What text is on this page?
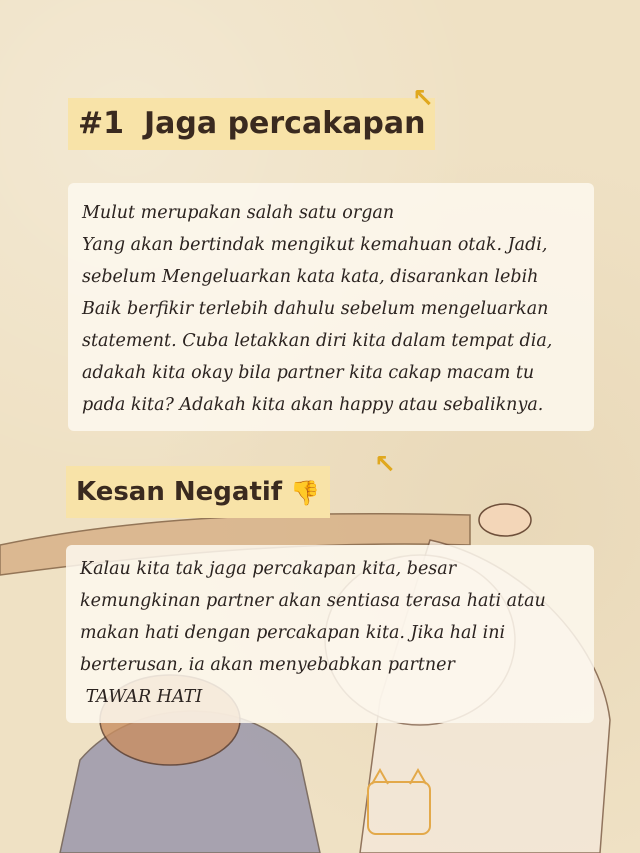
#1 Jaga percakapan
↖

Mulut merupakan salah satu organ

Yang akan bertindak mengikut kemahuan otak. Jadi,

sebelum Mengeluarkan kata kata, disarankan lebih

Baik berfikir terlebih dahulu sebelum mengeluarkan

statement. Cuba letakkan diri kita dalam tempat dia,

adakah kita okay bila partner kita cakap macam tu

pada kita? Adakah kita akan happy atau sebaliknya.

↖
Kesan Negatif 👎

Kalau kita tak jaga percakapan kita, besar

kemungkinan partner akan sentiasa terasa hati atau

makan hati dengan percakapan kita. Jika hal ini

berterusan, ia akan menyebabkan partner

TAWAR HATI
